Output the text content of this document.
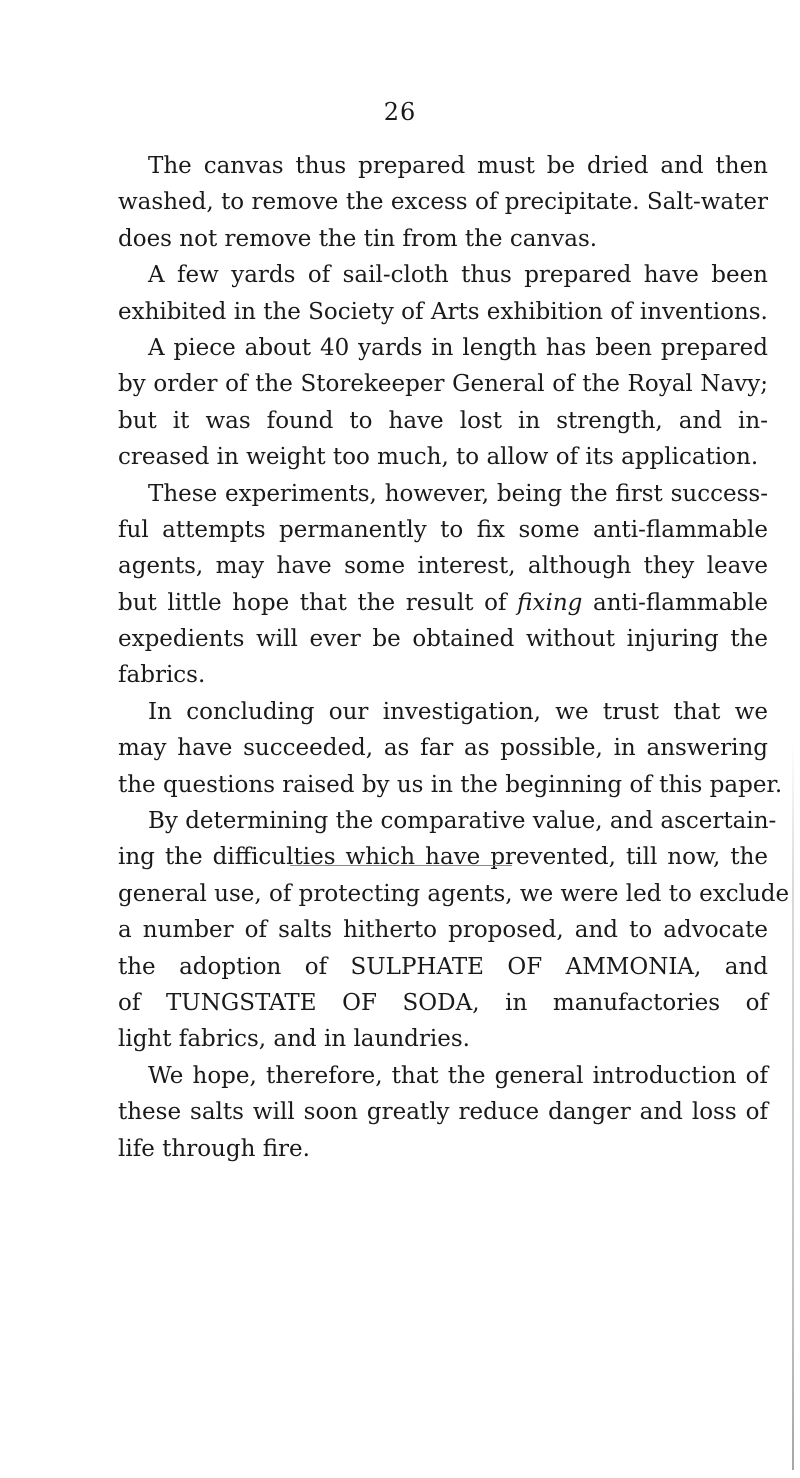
26
The canvas thus prepared must be dried and then
washed, to remove the excess of precipitate. Salt-water
does not remove the tin from the canvas.
A few yards of sail-cloth thus prepared have been
exhibited in the Society of Arts exhibition of inventions.
A piece about 40 yards in length has been prepared
by order of the Storekeeper General of the Royal Navy;
but it was found to have lost in strength, and in-
creased in weight too much, to allow of its application.
These experiments, however, being the first success-
ful attempts permanently to fix some anti-flammable
agents, may have some interest, although they leave
but little hope that the result of fixing anti-flammable
expedients will ever be obtained without injuring the
fabrics.
In concluding our investigation, we trust that we
may have succeeded, as far as possible, in answering
the questions raised by us in the beginning of this paper.
By determining the comparative value, and ascertain-
ing the difficulties which have prevented, till now, the
general use, of protecting agents, we were led to exclude
a number of salts hitherto proposed, and to advocate
the adoption of SULPHATE OF AMMONIA, and
of TUNGSTATE OF SODA, in manufactories of
light fabrics, and in laundries.
We hope, therefore, that the general introduction of
these salts will soon greatly reduce danger and loss of
life through fire.
